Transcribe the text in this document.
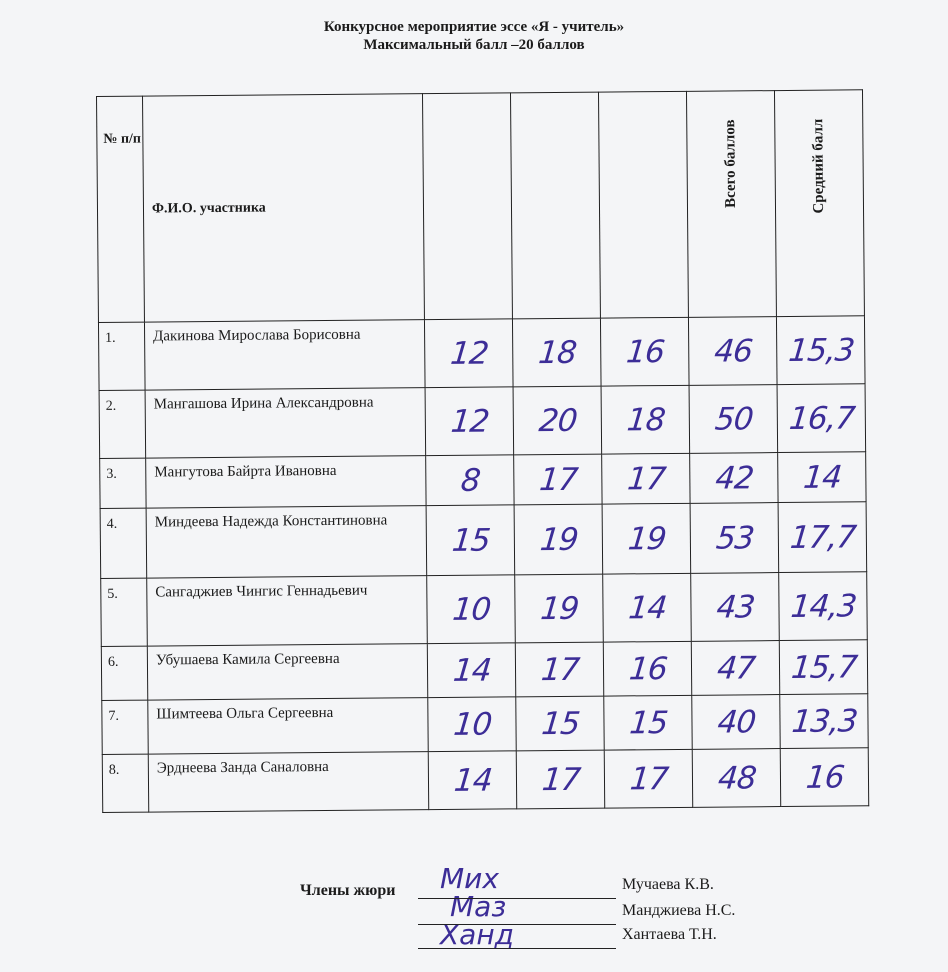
Конкурсное мероприятие эссе «Я - учитель»
Максимальный балл –20 баллов
№ п/п	Ф.И.О. участника				Всего баллов	Средний балл
1.	Дакинова Мирослава Борисовна	12	18	16	46	15,3
2.	Мангашова Ирина Александровна	12	20	18	50	16,7
3.	Мангутова Байрта Ивановна	8	17	17	42	14
4.	Миндеева Надежда Константиновна	15	19	19	53	17,7
5.	Сангаджиев Чингис Геннадьевич	10	19	14	43	14,3
6.	Убушаева Камила Сергеевна	14	17	16	47	15,7
7.	Шимтеева Ольга Сергеевна	10	15	15	40	13,3
8.	Эрднеева Занда Саналовна	14	17	17	48	16
Члены жюри Мих
Маз
Ханд
Мучаева К.В.
Манджиева Н.С.
Хантаева Т.Н.
